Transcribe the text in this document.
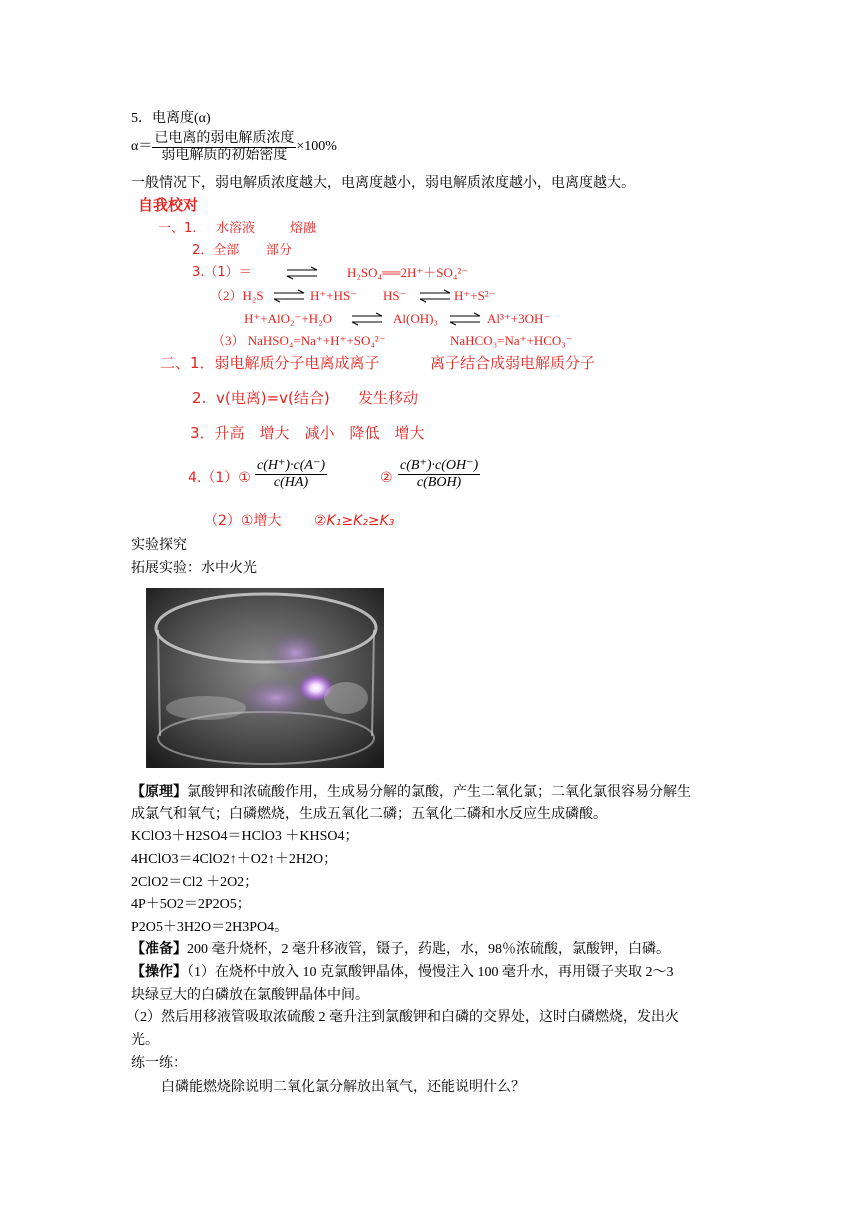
5．电离度(α)
$\alpha= \frac{\text{已电离的弱电解质浓度}}{\text{弱电解质的初始密度}} \times 100\%$
一般情况下，弱电解质浓度越大，电离度越小，弱电解质浓度越小，电离度越大。
自我校对
一、1. 水溶液	熔融
2．全部 部分
3.（1）＝	H₂SO₄══2H⁺＋SO₄²⁻
（2）H₂S ⇌ H⁺+HS⁻ HS⁻ ⇌ H⁺+S²⁻
H⁺+AlO₂⁻+H₂O ⇌ Al(OH)₃ ⇌ Al³⁺+3OH⁻
（3） NaHSO₄=Na⁺+H⁺+SO₄²⁻	NaHCO₃=Na⁺+HCO₃⁻
二、1．弱电解质分子电离成离子	离子结合成弱电解质分子
2. v(电离)=v(结合) 发生移动
3．升高　增大　减小　降低　增大
4.（1）① $\frac{c(H^+)\cdot c(A^-)}{c(HA)}$	② $\frac{c(B^+)\cdot c(OH^-)}{\text{c(BOH)}}$
（2）①增大 ②K₁≥K₂≥K₃
实验探究
拓展实验：水中火光
【原理】氯酸钾和浓硫酸作用，生成易分解的氯酸，产生二氧化氯；二氧化氯很容易分解生
成氯气和氧气；白磷燃烧，生成五氧化二磷；五氧化二磷和水反应生成磷酸。
KClO3＋H2SO4＝HClO3 ＋KHSO4；
4HClO3＝4ClO2↑＋O2↑＋2H2O；
2ClO2＝Cl2 ＋2O2；
4P＋5O2＝2P2O5；
P2O5＋3H2O＝2H3PO4。
【准备】200 毫升烧杯，2 毫升移液管，镊子，药匙，水，98％浓硫酸，氯酸钾，白磷。
【操作】（1）在烧杯中放入 10 克氯酸钾晶体，慢慢注入 100 毫升水，再用镊子夹取 2～3
块绿豆大的白磷放在氯酸钾晶体中间。
（2）然后用移液管吸取浓硫酸 2 毫升注到氯酸钾和白磷的交界处，这时白磷燃烧，发出火
光。
练一练：
白磷能燃烧除说明二氧化氯分解放出氧气，还能说明什么？
